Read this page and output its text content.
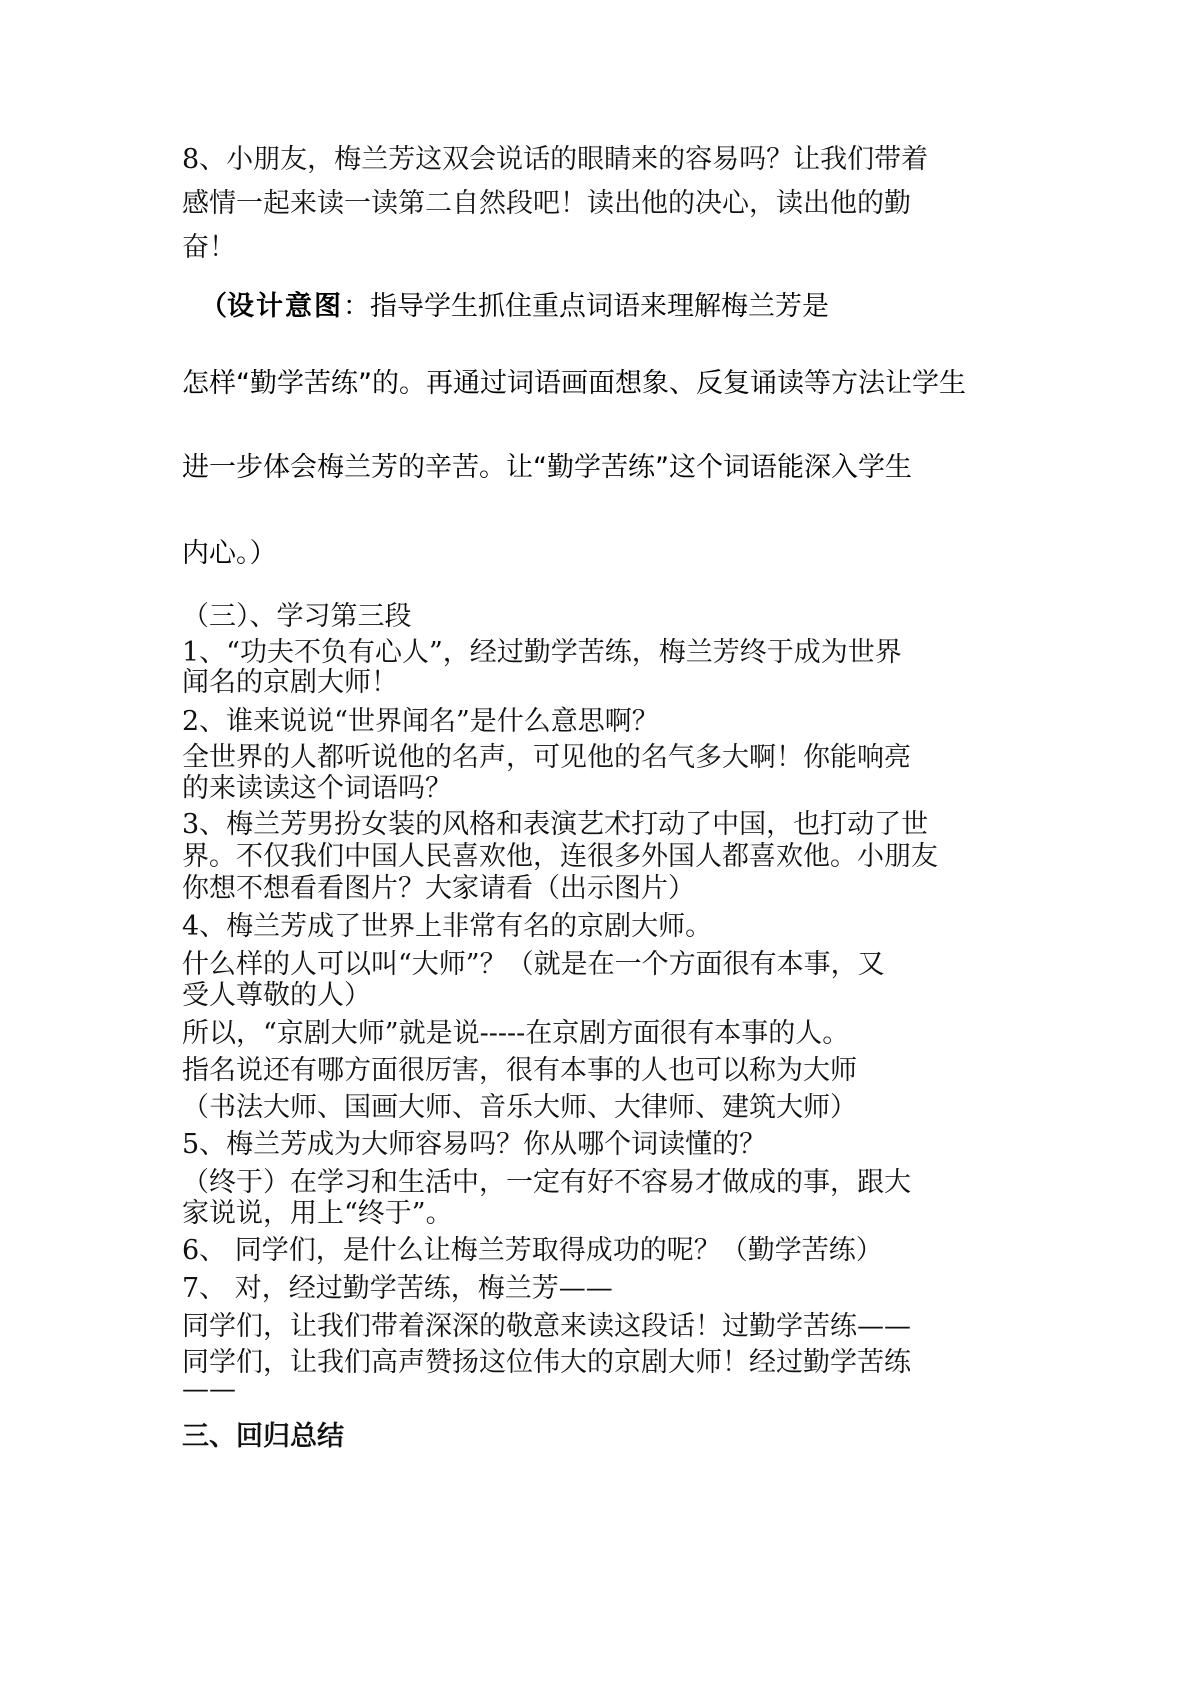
8、小朋友，梅兰芳这双会说话的眼睛来的容易吗？让我们带着
感情一起来读一读第二自然段吧！读出他的决心，读出他的勤
奋！
（设计意图：指导学生抓住重点词语来理解梅兰芳是
怎样“勤学苦练”的。再通过词语画面想象、反复诵读等方法让学生
进一步体会梅兰芳的辛苦。让“勤学苦练”这个词语能深入学生
内心。）
（三）、学习第三段
1、“功夫不负有心人”，经过勤学苦练，梅兰芳终于成为世界
闻名的京剧大师！
2、谁来说说“世界闻名”是什么意思啊？
全世界的人都听说他的名声，可见他的名气多大啊！你能响亮
的来读读这个词语吗？
3、梅兰芳男扮女装的风格和表演艺术打动了中国，也打动了世
界。不仅我们中国人民喜欢他，连很多外国人都喜欢他。小朋友
你想不想看看图片？大家请看（出示图片）
4、梅兰芳成了世界上非常有名的京剧大师。
什么样的人可以叫“大师”？（就是在一个方面很有本事，又
受人尊敬的人）
所以，“京剧大师”就是说-----在京剧方面很有本事的人。
指名说还有哪方面很厉害，很有本事的人也可以称为大师
（书法大师、国画大师、音乐大师、大律师、建筑大师）
5、梅兰芳成为大师容易吗？你从哪个词读懂的？
（终于）在学习和生活中，一定有好不容易才做成的事，跟大
家说说，用上“终于”。
6、 同学们，是什么让梅兰芳取得成功的呢？（勤学苦练）
7、 对，经过勤学苦练，梅兰芳——
同学们，让我们带着深深的敬意来读这段话！过勤学苦练——
同学们，让我们高声赞扬这位伟大的京剧大师！经过勤学苦练
——
三、回归总结
